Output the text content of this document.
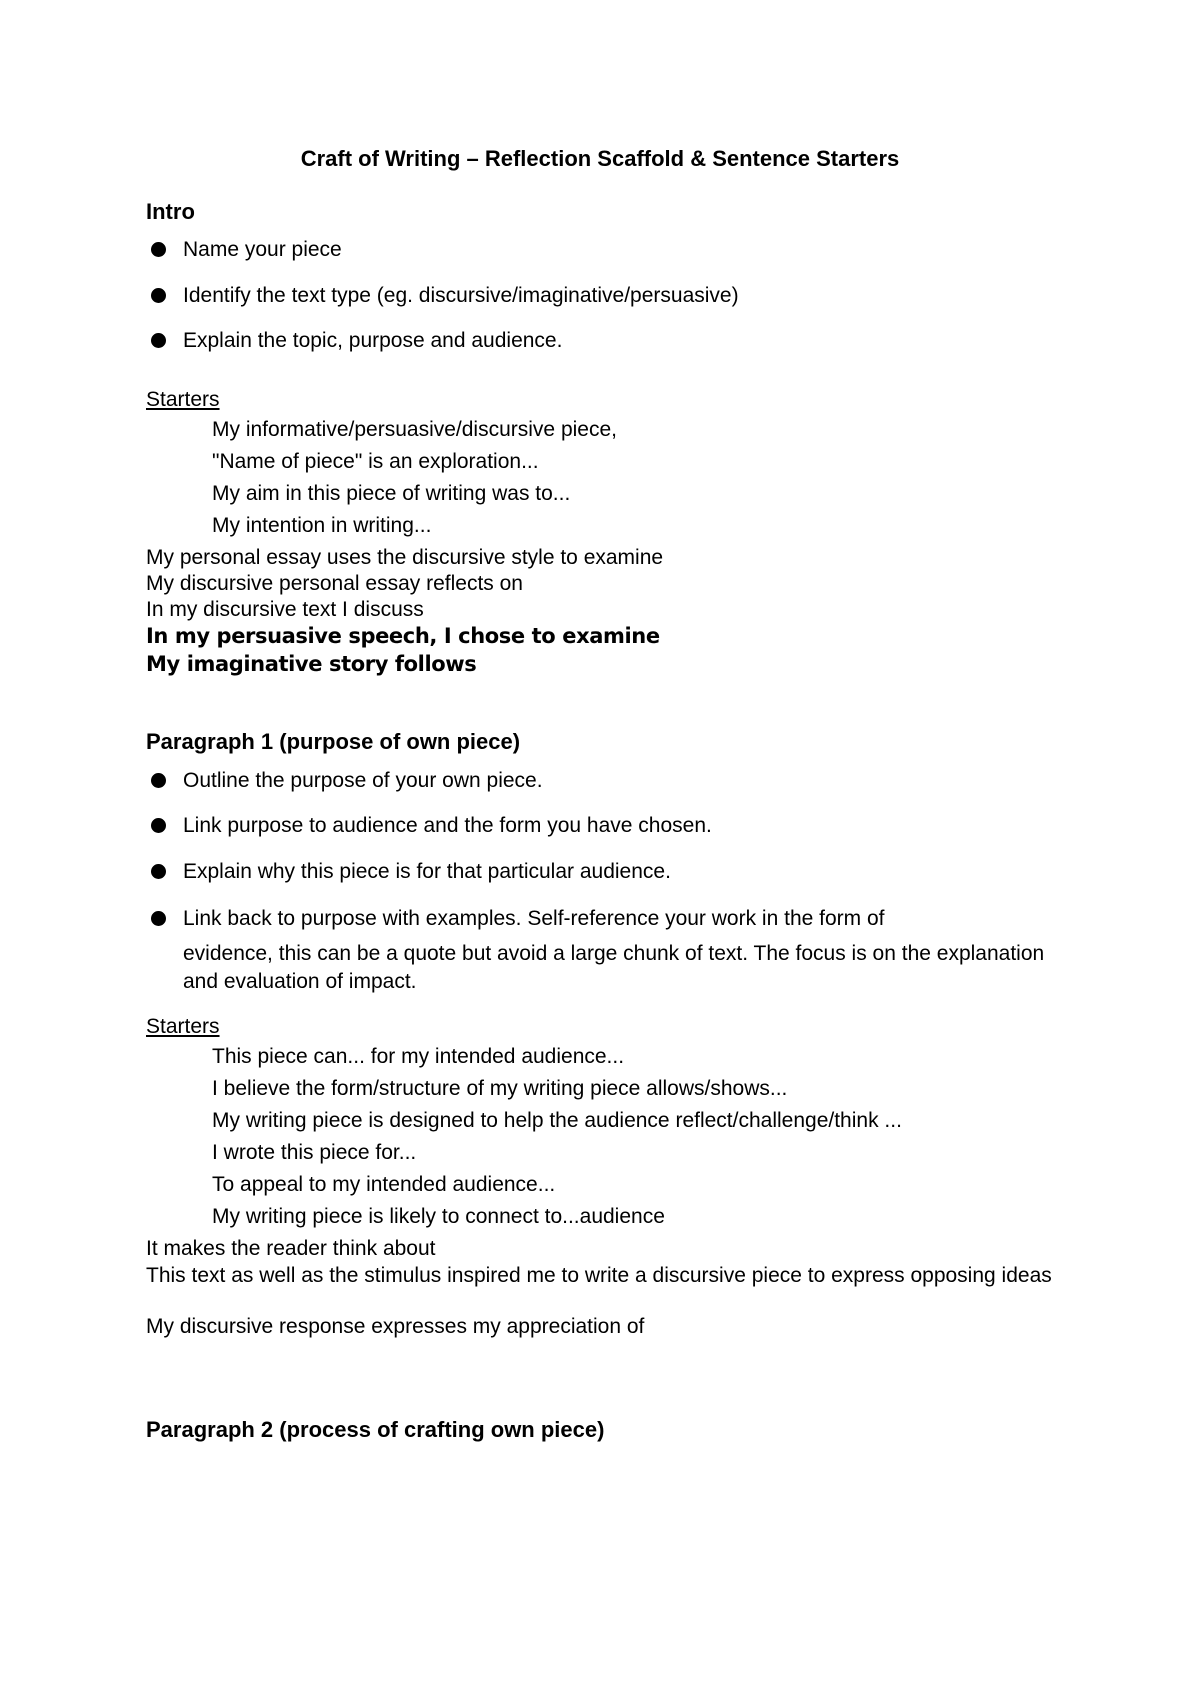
Craft of Writing – Reflection Scaffold & Sentence Starters
Intro
Name your piece
Identify the text type (eg. discursive/imaginative/persuasive)
Explain the topic, purpose and audience.
Starters
My informative/persuasive/discursive piece,
"Name of piece" is an exploration...
My aim in this piece of writing was to...
My intention in writing...
My personal essay uses the discursive style to examine
My discursive personal essay reflects on
In my discursive text I discuss
In my persuasive speech, I chose to examine
My imaginative story follows
Paragraph 1 (purpose of own piece)
Outline the purpose of your own piece.
Link purpose to audience and the form you have chosen.
Explain why this piece is for that particular audience.
Link back to purpose with examples. Self-reference your work in the form of
evidence, this can be a quote but avoid a large chunk of text. The focus is on the explanation and evaluation of impact.
Starters
This piece can... for my intended audience...
I believe the form/structure of my writing piece allows/shows...
My writing piece is designed to help the audience reflect/challenge/think ...
I wrote this piece for...
To appeal to my intended audience...
My writing piece is likely to connect to...audience
It makes the reader think about
This text as well as the stimulus inspired me to write a discursive piece to express opposing ideas
My discursive response expresses my appreciation of
Paragraph 2 (process of crafting own piece)
